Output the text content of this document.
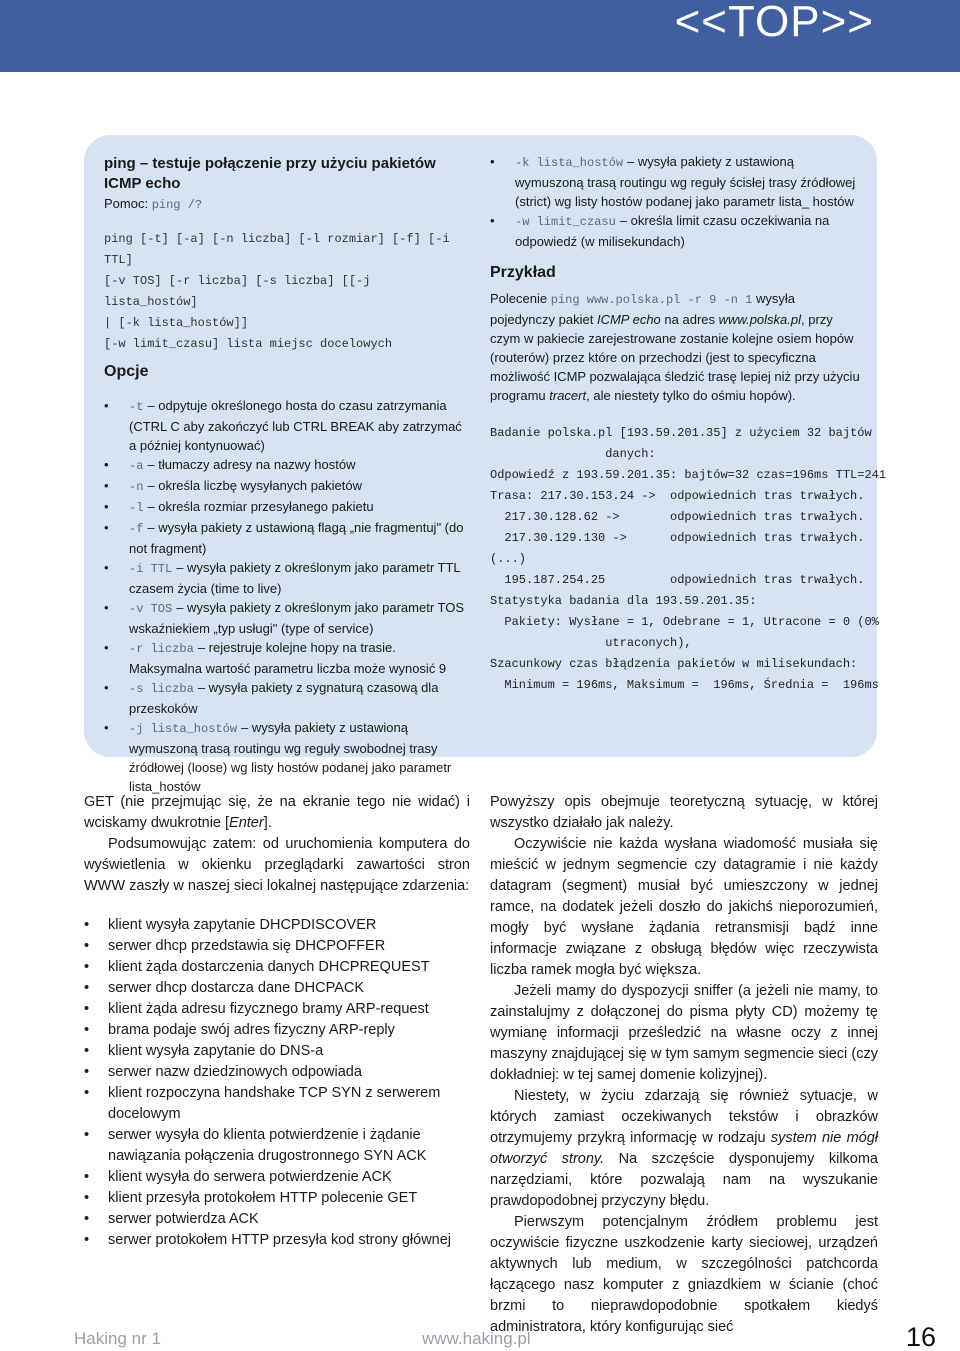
<<TOP>>
ping – testuje połączenie przy użyciu pakietów
ICMP echo
Pomoc: ping /?
ping [-t] [-a] [-n liczba] [-l rozmiar] [-f] [-i TTL]
[-v TOS] [-r liczba] [-s liczba] [[-j lista_hostów]
| [-k lista_hostów]]
[-w limit_czasu] lista miejsc docelowych
Opcje
• -t – odpytuje określonego hosta do czasu zatrzymania (CTRL C aby zakończyć lub CTRL BREAK aby zatrzymać a później kontynuować)
• -a – tłumaczy adresy na nazwy hostów
• -n – określa liczbę wysyłanych pakietów
• -l – określa rozmiar przesyłanego pakietu
• -f – wysyła pakiety z ustawioną flagą „nie fragmentuj" (do not fragment)
• -i TTL – wysyła pakiety z określonym jako parametr TTL czasem życia (time to live)
• -v TOS – wysyła pakiety z określonym jako parametr TOS wskaźniekiem „typ usługi" (type of service)
• -r liczba – rejestruje kolejne hopy na trasie. Maksymalna wartość parametru liczba może wynosić 9
• -s liczba – wysyła pakiety z sygnaturą czasową dla przeskoków
• -j lista_hostów – wysyła pakiety z ustawioną wymuszoną trasą routingu wg reguły swobodnej trasy źródłowej (loose) wg listy hostów podanej jako parametr lista_hostów
• -k lista_hostów – wysyła pakiety z ustawioną wymuszoną trasą routingu wg reguły ścisłej trasy źródłowej (strict) wg listy hostów podanej jako parametr lista_ hostów
• -w limit_czasu – określa limit czasu oczekiwania na odpowiedź (w milisekundach)
Przykład
Polecenie ping www.polska.pl -r 9 -n 1 wysyła pojedynczy pakiet ICMP echo na adres www.polska.pl, przy czym w pakiecie zarejestrowane zostanie kolejne osiem hopów (routerów) przez które on przechodzi (jest to specyficzna możliwość ICMP pozwalająca śledzić trasę lepiej niż przy użyciu programu tracert, ale niestety tylko do ośmiu hopów).
Badanie polska.pl [193.59.201.35] z użyciem 32 bajtów
danych:
Odpowiedź z 193.59.201.35: bajtów=32 czas=196ms
Trasa: 217.30.153.24 ->  odpowiednich tras trwałych.
217.30.128.62 ->       odpowiednich tras trwałych.
217.30.129.130 ->      odpowiednich tras trwałych.
(...)
195.187.254.25         odpowiednich tras trwałych.
Statystyka badania dla 193.59.201.35:
Pakiety: Wysłane = 1, Odebrane = 1, Utracone = 0
utraconych),
Szacunkowy czas błądzenia pakietów w milisekundach:
Minimum = 196ms, Maksimum =  196ms, Średnia =

GET (nie przejmując się, że na ekranie tego nie widać) i wciskamy dwukrotnie [Enter].

Podsumowując zatem: od uruchomienia komputera do wyświetlenia w okienku przeglądarki zawartości stron WWW zaszły w naszej sieci lokalnej następujące zdarzenia:

• klient wysyła zapytanie DHCPDISCOVER
• serwer dhcp przedstawia się DHCPOFFER
• klient żąda dostarczenia danych DHCPREQUEST
• serwer dhcp dostarcza dane DHCPACK
• klient żąda adresu fizycznego bramy ARP-request
• brama podaje swój adres fizyczny ARP-reply
• klient wysyła zapytanie do DNS-a
• serwer nazw dziedzinowych odpowiada
• klient rozpoczyna handshake TCP SYN z serwerem docelowym
• serwer wysyła do klienta potwierdzenie i żądanie nawiązania połączenia drugostronnego SYN ACK
• klient wysyła do serwera potwierdzenie ACK
• klient przesyła protokołem HTTP polecenie GET
• serwer potwierdza ACK
• serwer protokołem HTTP przesyła kod strony głównej

Powyższy opis obejmuje teoretyczną sytuację, w której wszystko działało jak należy.

Oczywiście nie każda wysłana wiadomość musiała się mieścić w jednym segmencie czy datagramie i nie każdy datagram (segment) musiał być umieszczony w jednej ramce, na dodatek jeżeli doszło do jakichś nieporozumień, mogły być wysłane żądania retransmisji bądź inne informacje związane z obsługą błędów więc rzeczywista liczba ramek mogła być większa.

Jeżeli mamy do dyspozycji sniffer (a jeżeli nie mamy, to zainstalujmy z dołączonej do pisma płyty CD) możemy tę wymianę informacji prześledzić na własne oczy z innej maszyny znajdującej się w tym samym segmencie sieci (czy dokładniej: w tej samej domenie kolizyjnej).

Niestety, w życiu zdarzają się również sytuacje, w których zamiast oczekiwanych tekstów i obrazków otrzymujemy przykrą informację w rodzaju system nie mógł otworzyć strony. Na szczęście dysponujemy kilkoma narzędziami, które pozwalają nam na wyszukanie prawdopodobnej przyczyny błędu.

Pierwszym potencjalnym źródłem problemu jest oczywiście fizyczne uszkodzenie karty sieciowej, urządzeń aktywnych lub medium, w szczególności patchcorda łączącego nasz komputer z gniazdkiem w ścianie (choć brzmi to nieprawdopodobnie spotkałem kiedyś administratora, który konfigurując sieć

Haking nr 1	www.haking.pl	16
